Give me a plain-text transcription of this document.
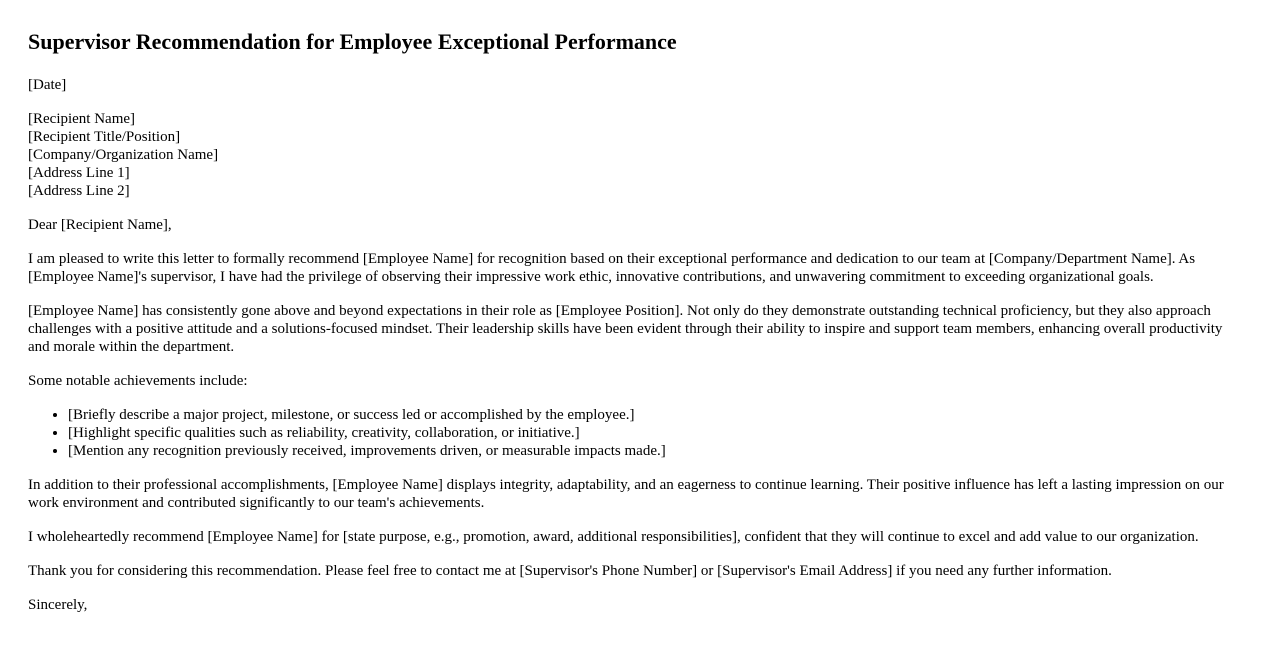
Supervisor Recommendation for Employee Exceptional Performance

[Date]

[Recipient Name]
[Recipient Title/Position]
[Company/Organization Name]
[Address Line 1]
[Address Line 2]

Dear [Recipient Name],

I am pleased to write this letter to formally recommend [Employee Name] for recognition based on their exceptional performance and dedication to our team at [Company/Department Name]. As [Employee Name]'s supervisor, I have had the privilege of observing their impressive work ethic, innovative contributions, and unwavering commitment to exceeding organizational goals.

[Employee Name] has consistently gone above and beyond expectations in their role as [Employee Position]. Not only do they demonstrate outstanding technical proficiency, but they also approach challenges with a positive attitude and a solutions-focused mindset. Their leadership skills have been evident through their ability to inspire and support team members, enhancing overall productivity and morale within the department.

Some notable achievements include:

• [Briefly describe a major project, milestone, or success led or accomplished by the employee.]
• [Highlight specific qualities such as reliability, creativity, collaboration, or initiative.]
• [Mention any recognition previously received, improvements driven, or measurable impacts made.]

In addition to their professional accomplishments, [Employee Name] displays integrity, adaptability, and an eagerness to continue learning. Their positive influence has left a lasting impression on our work environment and contributed significantly to our team's achievements.

I wholeheartedly recommend [Employee Name] for [state purpose, e.g., promotion, award, additional responsibilities], confident that they will continue to excel and add value to our organization.

Thank you for considering this recommendation. Please feel free to contact me at [Supervisor's Phone Number] or [Supervisor's Email Address] if you need any further information.

Sincerely,
